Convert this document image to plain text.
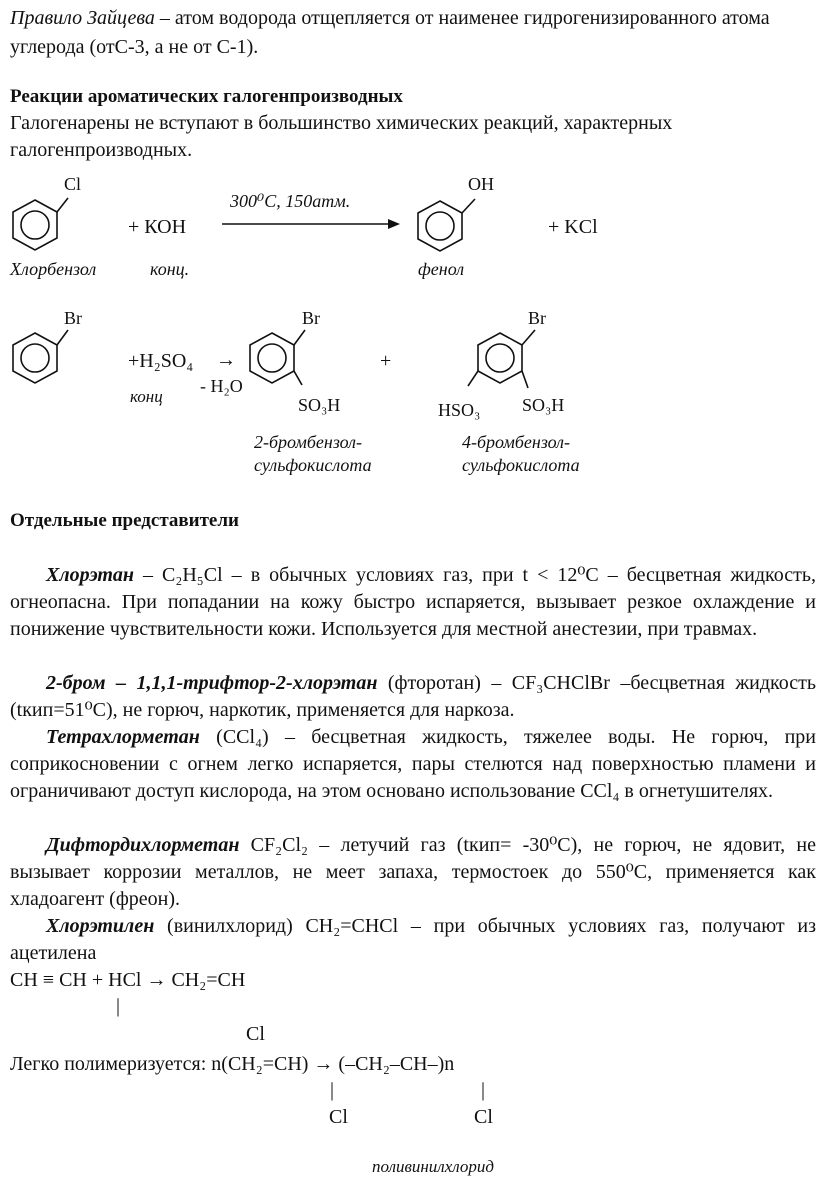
Правило Зайцева – атом водорода отщепляется от наименее гидрогенизированного атома углерода (отС-3, а не от С-1).
Реакции ароматических галогенпроизводных
Галогенарены не вступают в большинство химических реакций, характерных галогенпроизводных.
Cl	OH
300⁰С, 150атм.
+ КОН	+ KCl
Хлорбензол	конц.	фенол
Br	Br	Br
+H₂SO₄ →	+
конц
- H₂O
SO₃H	HSO₃ SO₃H
2-бромбензол-
сульфокислота
4-бромбензол-
сульфокислота
Отдельные представители
Хлорэтан – C₂H₅Cl – в обычных условиях газ, при t < 12⁰C – бесцветная жидкость, огнеопасна. При попадании на кожу быстро испаряется, вызывает резкое охлаждение и понижение чувствительности кожи. Используется для местной анестезии, при травмах.
2-бром – 1,1,1-трифтор-2-хлорэтан (фторотан) – CF₃CHClBr –бесцветная жидкость (tкип=51⁰С), не горюч, наркотик, применяется для наркоза.
Тетрахлорметан (CCl₄) – бесцветная жидкость, тяжелее воды. Не горюч, при соприкосновении с огнем легко испаряется, пары стелются над поверхностью пламени и ограничивают доступ кислорода, на этом основано использование CCl₄ в огнетушителях.
Дифтордихлорметан CF₂Cl₂ – летучий газ (tкип= -30⁰С), не горюч, не ядовит, не вызывает коррозии металлов, не меет запаха, термостоек до 550⁰С, применяется как хладоагент (фреон).
Хлорэтилен (винилхлорид) CH₂=CHCl – при обычных условиях газ, получают из ацетилена
CH ≡ CH + HCl → CH₂=CH
|
Cl
Легко полимеризуется: n(CH₂=CH) → (–CH₂–CH–)n
|	|
Cl	Cl
поливинилхлорид
